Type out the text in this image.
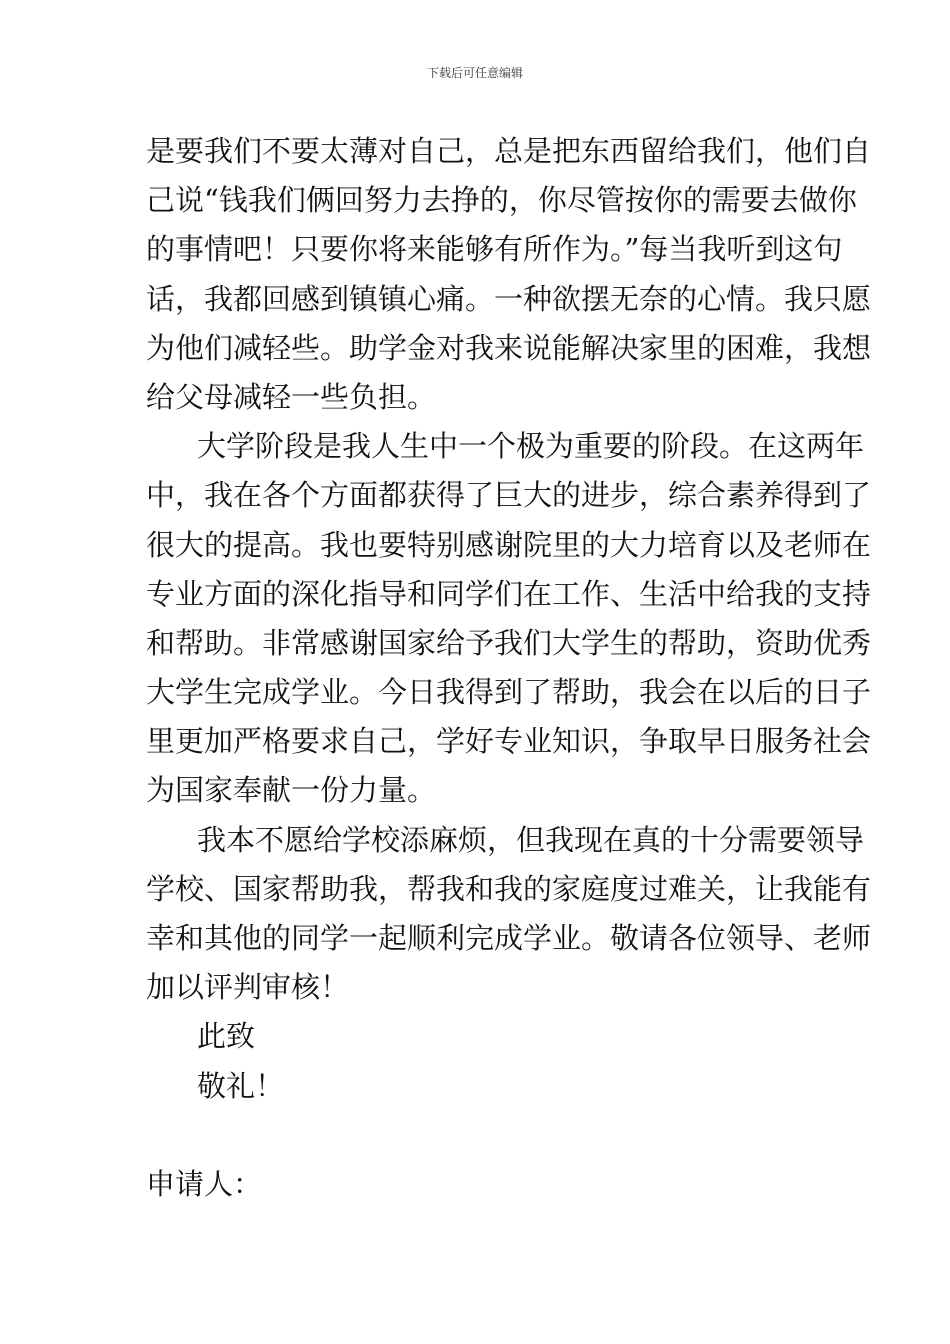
下载后可任意编辑
是要我们不要太薄对自己，总是把东西留给我们，他们自
己说“钱我们俩回努力去挣的，你尽管按你的需要去做你
的事情吧！只要你将来能够有所作为。”每当我听到这句
话，我都回感到镇镇心痛。一种欲摆无奈的心情。我只愿
为他们减轻些。助学金对我来说能解决家里的困难，我想
给父母减轻一些负担。
大学阶段是我人生中一个极为重要的阶段。在这两年
中，我在各个方面都获得了巨大的进步，综合素养得到了
很大的提高。我也要特别感谢院里的大力培育以及老师在
专业方面的深化指导和同学们在工作、生活中给我的支持
和帮助。非常感谢国家给予我们大学生的帮助，资助优秀
大学生完成学业。今日我得到了帮助，我会在以后的日子
里更加严格要求自己，学好专业知识，争取早日服务社会
为国家奉献一份力量。
我本不愿给学校添麻烦，但我现在真的十分需要领导
学校、国家帮助我，帮我和我的家庭度过难关，让我能有
幸和其他的同学一起顺利完成学业。敬请各位领导、老师
加以评判审核！
此致
敬礼！
申请人：
